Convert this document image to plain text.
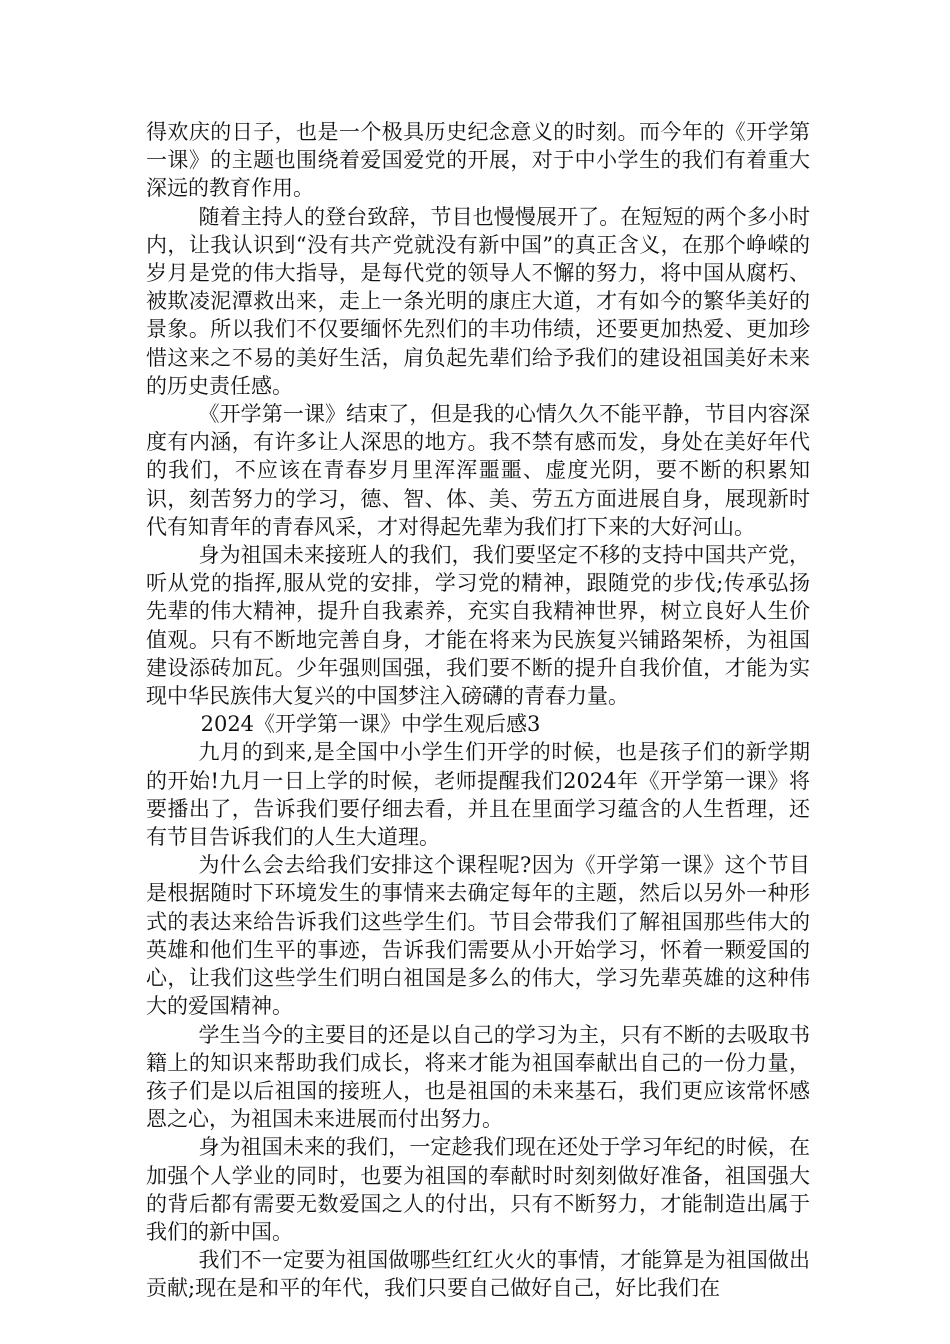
得欢庆的日子，也是一个极具历史纪念意义的时刻。而今年的《开学第一课》的主题也围绕着爱国爱党的开展，对于中小学生的我们有着重大深远的教育作用。

随着主持人的登台致辞，节目也慢慢展开了。在短短的两个多小时内，让我认识到“没有共产党就没有新中国”的真正含义，在那个峥嵘的岁月是党的伟大指导，是每代党的领导人不懈的努力，将中国从腐朽、被欺凌泥潭救出来，走上一条光明的康庄大道，才有如今的繁华美好的景象。所以我们不仅要缅怀先烈们的丰功伟绩，还要更加热爱、更加珍惜这来之不易的美好生活，肩负起先辈们给予我们的建设祖国美好未来的历史责任感。

《开学第一课》结束了，但是我的心情久久不能平静，节目内容深度有内涵，有许多让人深思的地方。我不禁有感而发，身处在美好年代的我们，不应该在青春岁月里浑浑噩噩、虚度光阴，要不断的积累知识，刻苦努力的学习，德、智、体、美、劳五方面进展自身，展现新时代有知青年的青春风采，才对得起先辈为我们打下来的大好河山。

身为祖国未来接班人的我们，我们要坚定不移的支持中国共产党，听从党的指挥,服从党的安排，学习党的精神，跟随党的步伐;传承弘扬先辈的伟大精神，提升自我素养，充实自我精神世界，树立良好人生价值观。只有不断地完善自身，才能在将来为民族复兴铺路架桥，为祖国建设添砖加瓦。少年强则国强，我们要不断的提升自我价值，才能为实现中华民族伟大复兴的中国梦注入磅礴的青春力量。

2024《开学第一课》中学生观后感3

九月的到来,是全国中小学生们开学的时候，也是孩子们的新学期的开始!九月一日上学的时候，老师提醒我们2024年《开学第一课》将要播出了，告诉我们要仔细去看，并且在里面学习蕴含的人生哲理，还有节目告诉我们的人生大道理。

为什么会去给我们安排这个课程呢?因为《开学第一课》这个节目是根据随时下环境发生的事情来去确定每年的主题，然后以另外一种形式的表达来给告诉我们这些学生们。节目会带我们了解祖国那些伟大的英雄和他们生平的事迹，告诉我们需要从小开始学习，怀着一颗爱国的心，让我们这些学生们明白祖国是多么的伟大，学习先辈英雄的这种伟大的爱国精神。

学生当今的主要目的还是以自己的学习为主，只有不断的去吸取书籍上的知识来帮助我们成长，将来才能为祖国奉献出自己的一份力量，孩子们是以后祖国的接班人，也是祖国的未来基石，我们更应该常怀感恩之心，为祖国未来进展而付出努力。

身为祖国未来的我们，一定趁我们现在还处于学习年纪的时候，在加强个人学业的同时，也要为祖国的奉献时时刻刻做好准备，祖国强大的背后都有需要无数爱国之人的付出，只有不断努力，才能制造出属于我们的新中国。

我们不一定要为祖国做哪些红红火火的事情，才能算是为祖国做出贡献;现在是和平的年代，我们只要自己做好自己，好比我们在
